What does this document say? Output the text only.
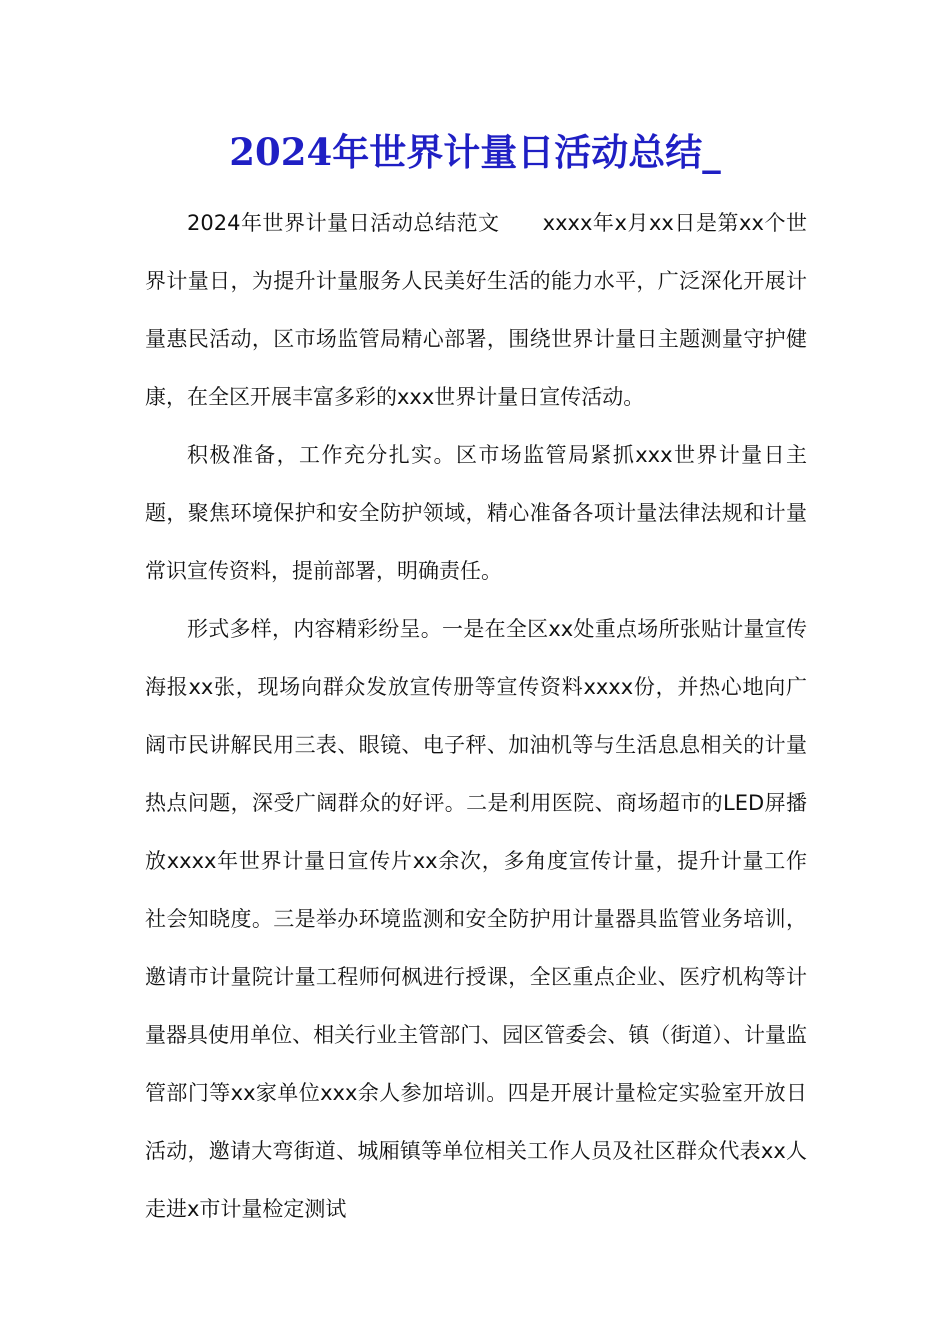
2024年世界计量日活动总结_

2024年世界计量日活动总结范文　　xxxx年x月xx日是第xx个世界计量日，为提升计量服务人民美好生活的能力水平，广泛深化开展计量惠民活动，区市场监管局精心部署，围绕世界计量日主题测量守护健康，在全区开展丰富多彩的xxx世界计量日宣传活动。

积极准备，工作充分扎实。区市场监管局紧抓xxx世界计量日主题，聚焦环境保护和安全防护领域，精心准备各项计量法律法规和计量常识宣传资料，提前部署，明确责任。

形式多样，内容精彩纷呈。一是在全区xx处重点场所张贴计量宣传海报xx张，现场向群众发放宣传册等宣传资料xxxx份，并热心地向广阔市民讲解民用三表、眼镜、电子秤、加油机等与生活息息相关的计量热点问题，深受广阔群众的好评。二是利用医院、商场超市的LED屏播放xxxx年世界计量日宣传片xx余次，多角度宣传计量，提升计量工作社会知晓度。三是举办环境监测和安全防护用计量器具监管业务培训，邀请市计量院计量工程师何枫进行授课，全区重点企业、医疗机构等计量器具使用单位、相关行业主管部门、园区管委会、镇（街道）、计量监管部门等xx家单位xxx余人参加培训。四是开展计量检定实验室开放日活动，邀请大弯街道、城厢镇等单位相关工作人员及社区群众代表xx人走进x市计量检定测试
